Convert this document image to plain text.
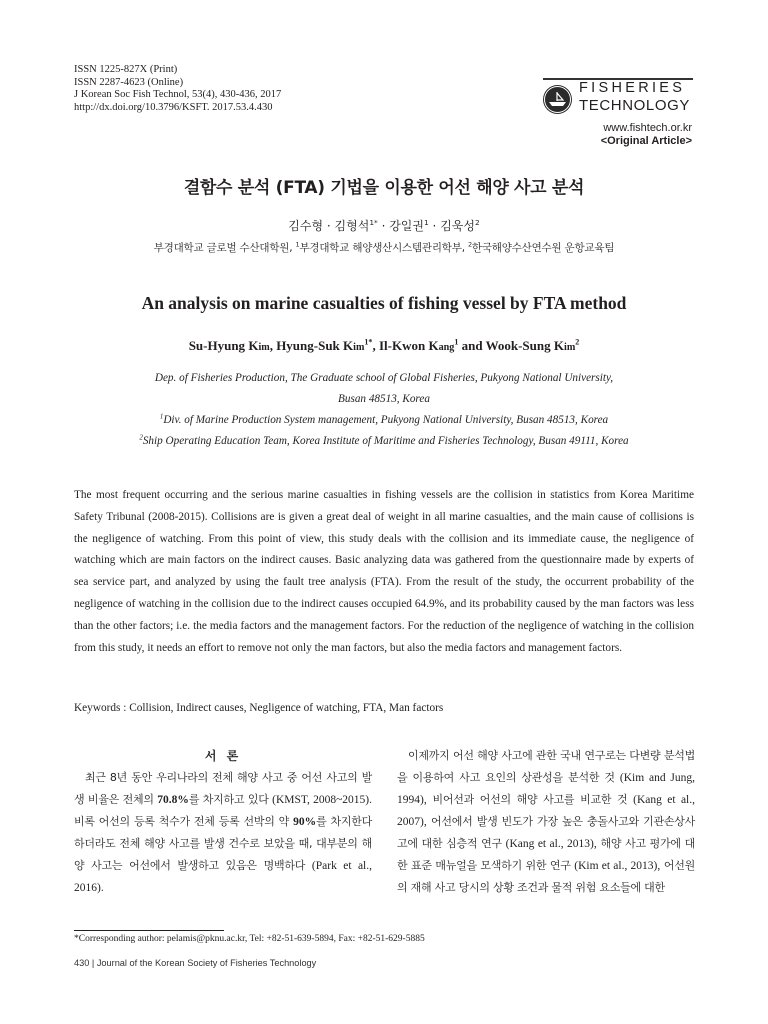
ISSN 1225-827X (Print)
ISSN 2287-4623 (Online)
J Korean Soc Fish Technol, 53(4), 430-436, 2017
http://dx.doi.org/10.3796/KSFT. 2017.53.4.430
FISHERIES
TECHNOLOGY
www.fishtech.or.kr
<Original Article>
결함수 분석 (FTA) 기법을 이용한 어선 해양 사고 분석
김수형 · 김형석$^{1*}$ · 강일권$^1$ · 김욱성$^2$
부경대학교 글로벌 수산대학원, $^1$부경대학교 해양생산시스템관리학부, $^2$한국해양수산연수원 운항교육팀
An analysis on marine casualties of fishing vessel by FTA method
Su-Hyung Kim, Hyung-Suk Kim$^{1*}$, Il-Kwon Kang$^1$ and Wook-Sung Kim$^2$
Dep. of Fisheries Production, The Graduate school of Global Fisheries, Pukyong National University,
Busan 48513, Korea
$^1$Div. of Marine Production System management, Pukyong National University, Busan 48513, Korea
$^2$Ship Operating Education Team, Korea Institute of Maritime and Fisheries Technology, Busan 49111, Korea
The most frequent occurring and the serious marine casualties in fishing vessels are the collision in statistics from Korea Maritime Safety Tribunal (2008-2015). Collisions are is given a great deal of weight in all marine casualties, and the main cause of collisions is the negligence of watching. From this point of view, this study deals with the collision and its immediate cause, the negligence of watching which are main factors on the indirect causes. Basic analyzing data was gathered from the questionnaire made by experts of sea service part, and analyzed by using the fault tree analysis (FTA). From the result of the study, the occurrent probability of the negligence of watching in the collision due to the indirect causes occupied 64.9%, and its probability caused by the man factors was less than the other factors; i.e. the media factors and the management factors. For the reduction of the negligence of watching in the collision from this study, it needs an effort to remove not only the man factors, but also the media factors and management factors.
Keywords : Collision, Indirect causes, Negligence of watching, FTA, Man factors
서 론
최근 8년 동안 우리나라의 전체 해양 사고 중 어선 사고의 발생 비율은 전체의 70.8%를 차지하고 있다 (KMST, 2008~2015). 비록 어선의 등록 척수가 전체 등록 선박의 약 90%를 차지한다 하더라도 전체 해양 사고를 발생 건수로 보았을 때, 대부분의 해양 사고는 어선에서 발생하고 있음은 명백하다 (Park et al., 2016).
이제까지 어선 해양 사고에 관한 국내 연구로는 다변량 분석법을 이용하여 사고 요인의 상관성을 분석한 것 (Kim and Jung, 1994), 비어선과 어선의 해양 사고를 비교한 것 (Kang et al., 2007), 어선에서 발생 빈도가 가장 높은 충돌사고와 기관손상사고에 대한 심층적 연구 (Kang et al., 2013), 해양 사고 평가에 대한 표준 매뉴얼을 모색하기 위한 연구 (Kim et al., 2013), 어선원의 재해 사고 당시의 상황 조건과 물적 위험 요소들에 대한
*Corresponding author: pelamis@pknu.ac.kr, Tel: +82-51-639-5894, Fax: +82-51-629-5885
430 | Journal of the Korean Society of Fisheries Technology
